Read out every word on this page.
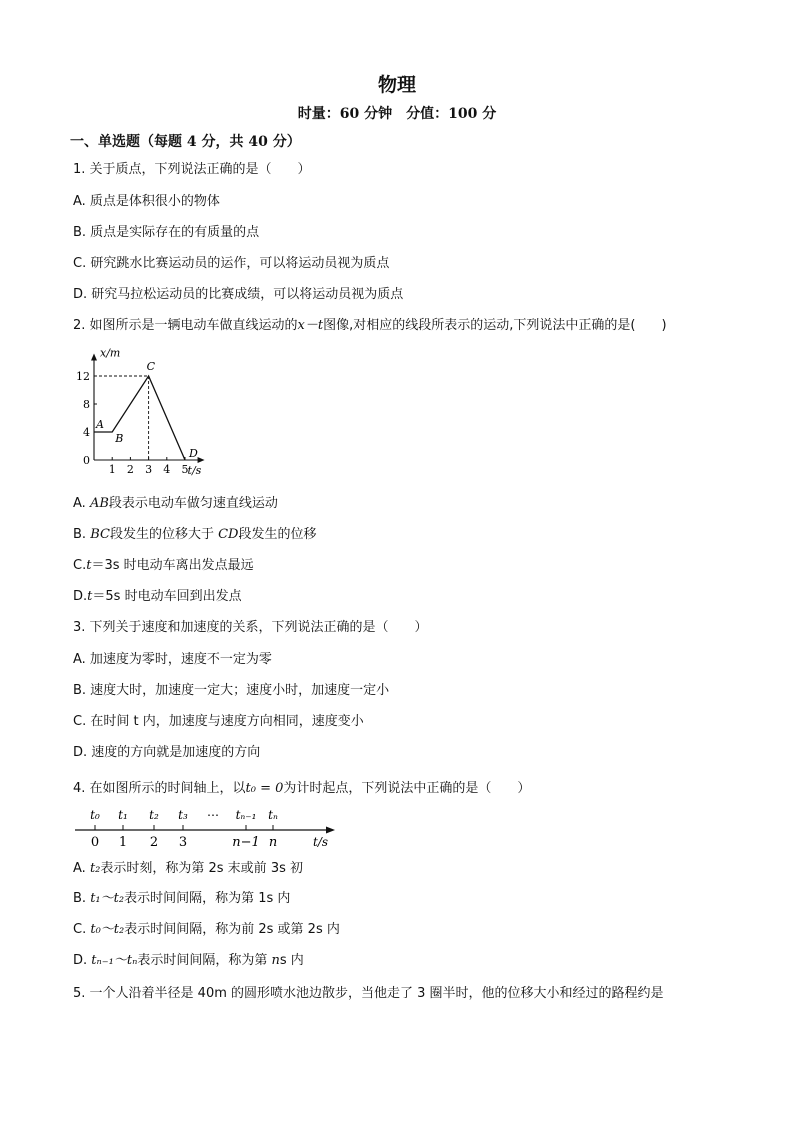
物理
时量：60 分钟　分值：100 分
一、单选题（每题 4 分，共 40 分）
1. 关于质点，下列说法正确的是（　　）
A. 质点是体积很小的物体
B. 质点是实际存在的有质量的点
C. 研究跳水比赛运动员的运作，可以将运动员视为质点
D. 研究马拉松运动员的比赛成绩，可以将运动员视为质点
2. 如图所示是一辆电动车做直线运动的x－t图像,对相应的线段所表示的运动,下列说法中正确的是(　　)
0
4
8
12
1 2 3 4 5
x/m
t/s
A
B
C
D
A. AB段表示电动车做匀速直线运动
B. BC段发生的位移大于 CD段发生的位移
C.t＝3s 时电动车离出发点最远
D.t＝5s 时电动车回到出发点
3. 下列关于速度和加速度的关系，下列说法正确的是（　　）
A. 加速度为零时，速度不一定为零
B. 速度大时，加速度一定大；速度小时，加速度一定小
C. 在时间 t 内，加速度与速度方向相同，速度变小
D. 速度的方向就是加速度的方向
4. 在如图所示的时间轴上，以t₀ = 0为计时起点，下列说法中正确的是（　　）
t₀ t₁ t₂ t₃ ⋯ tₙ₋₁ tₙ
0 1 2 3	n−1 n	t/s
A. t₂表示时刻，称为第 2s 末或前 3s 初
B. t₁～t₂表示时间间隔，称为第 1s 内
C. t₀～t₂表示时间间隔，称为前 2s 或第 2s 内
D. tₙ₋₁～tₙ表示时间间隔，称为第 ns 内
5. 一个人沿着半径是 40m 的圆形喷水池边散步，当他走了 3 圈半时，他的位移大小和经过的路程约是
